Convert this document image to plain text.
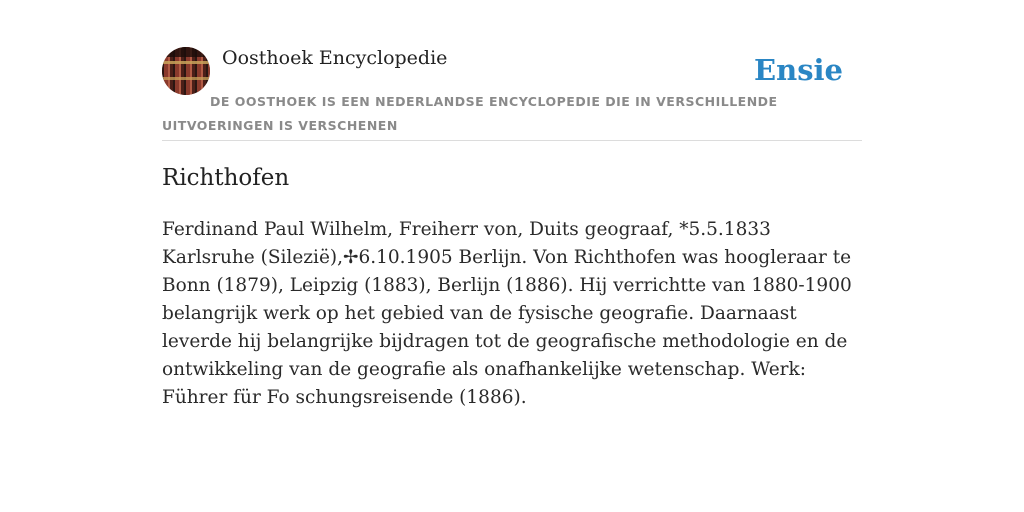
Oosthoek Encyclopedie	Ensie
DE OOSTHOEK IS EEN NEDERLANDSE ENCYCLOPEDIE DIE IN VERSCHILLENDE UITVOERINGEN IS VERSCHENEN
Richthofen

Ferdinand Paul Wilhelm, Freiherr von, Duits geograaf, *5.5.1833 Karlsruhe (Silezië),✢6.10.1905 Berlijn. Von Richthofen was hoogleraar te Bonn (1879), Leipzig (1883), Berlijn (1886). Hij verrichtte van 1880-1900 belangrijk werk op het gebied van de fysische geografie. Daarnaast leverde hij belangrijke bijdragen tot de geografische methodologie en de ontwikkeling van de geografie als onafhankelijke wetenschap. Werk: Führer für Fo schungsreisende (1886).
